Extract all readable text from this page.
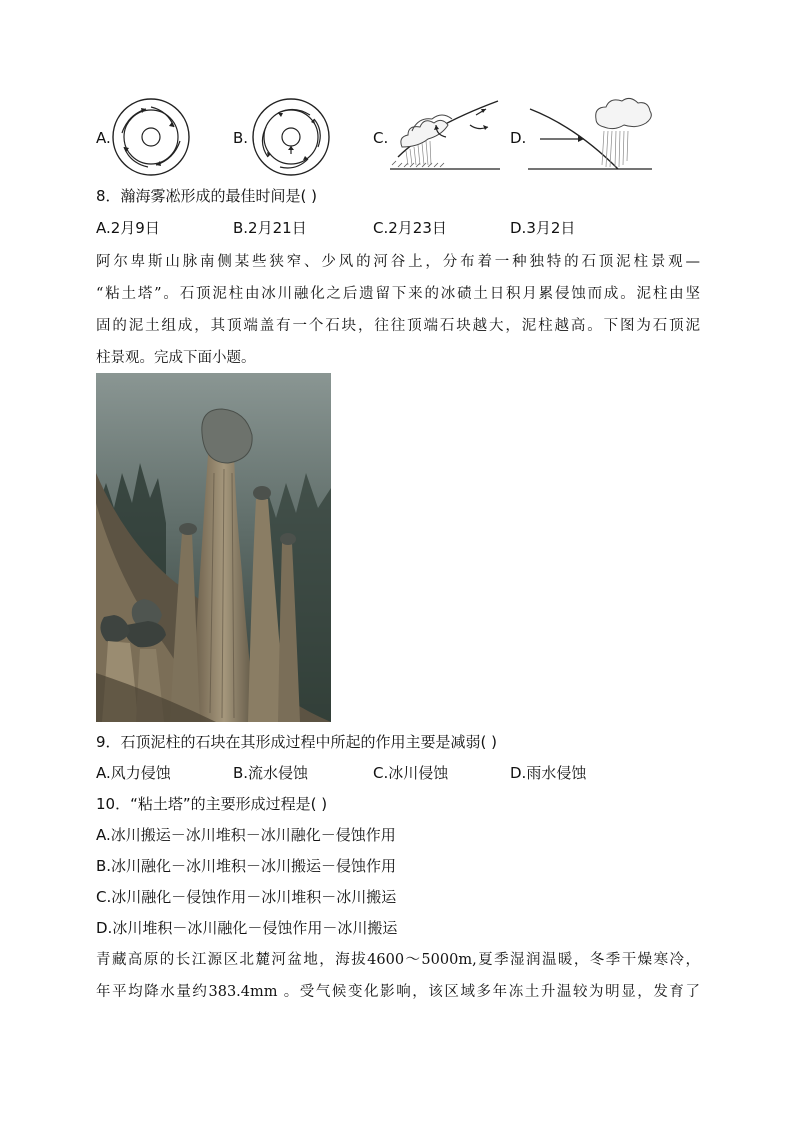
A.	B.	C.	D.
8．瀚海雾凇形成的最佳时间是( )
A.2月9日	B.2月21日	C.2月23日	D.3月2日
阿尔卑斯山脉南侧某些狭窄、少风的河谷上，分布着一种独特的石顶泥柱景观—
“粘土塔”。石顶泥柱由冰川融化之后遗留下来的冰碛土日积月累侵蚀而成。泥柱由坚
固的泥土组成，其顶端盖有一个石块，往往顶端石块越大，泥柱越高。下图为石顶泥
柱景观。完成下面小题。
9．石顶泥柱的石块在其形成过程中所起的作用主要是减弱( )
A.风力侵蚀	B.流水侵蚀	C.冰川侵蚀	D.雨水侵蚀
10．“粘土塔”的主要形成过程是( )
A.冰川搬运－冰川堆积－冰川融化－侵蚀作用
B.冰川融化－冰川堆积－冰川搬运－侵蚀作用
C.冰川融化－侵蚀作用－冰川堆积－冰川搬运
D.冰川堆积－冰川融化－侵蚀作用－冰川搬运
青藏高原的长江源区北麓河盆地，海拔4600～5000m,夏季湿润温暖，冬季干燥寒冷，
年平均降水量约383.4mm 。受气候变化影响，该区域多年冻土升温较为明显，发育了
